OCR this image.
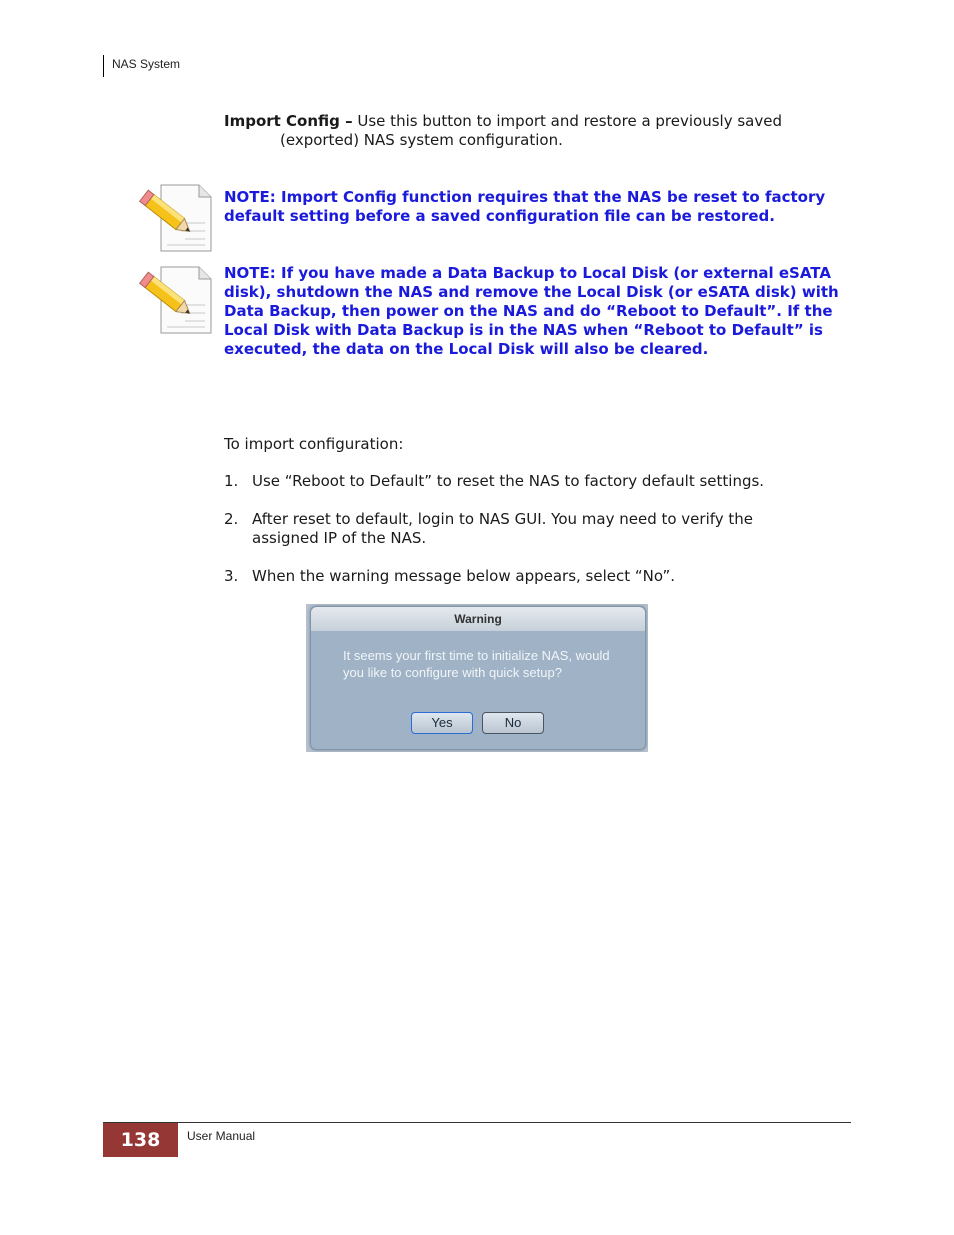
NAS System
Import Config – Use this button to import and restore a previously saved
(exported) NAS system configuration.
NOTE: Import Config function requires that the NAS be reset to factory default setting before a saved configuration file can be restored.
NOTE: If you have made a Data Backup to Local Disk (or external eSATA disk), shutdown the NAS and remove the Local Disk (or eSATA disk) with Data Backup, then power on the NAS and do “Reboot to Default”. If the Local Disk with Data Backup is in the NAS when “Reboot to Default” is executed, the data on the Local Disk will also be cleared.
To import configuration:
1. Use “Reboot to Default” to reset the NAS to factory default settings.
2. After reset to default, login to NAS GUI. You may need to verify the assigned IP of the NAS.
3. When the warning message below appears, select “No”.
Warning
It seems your first time to initialize NAS, would you like to configure with quick setup?
Yes	No
138	User Manual
